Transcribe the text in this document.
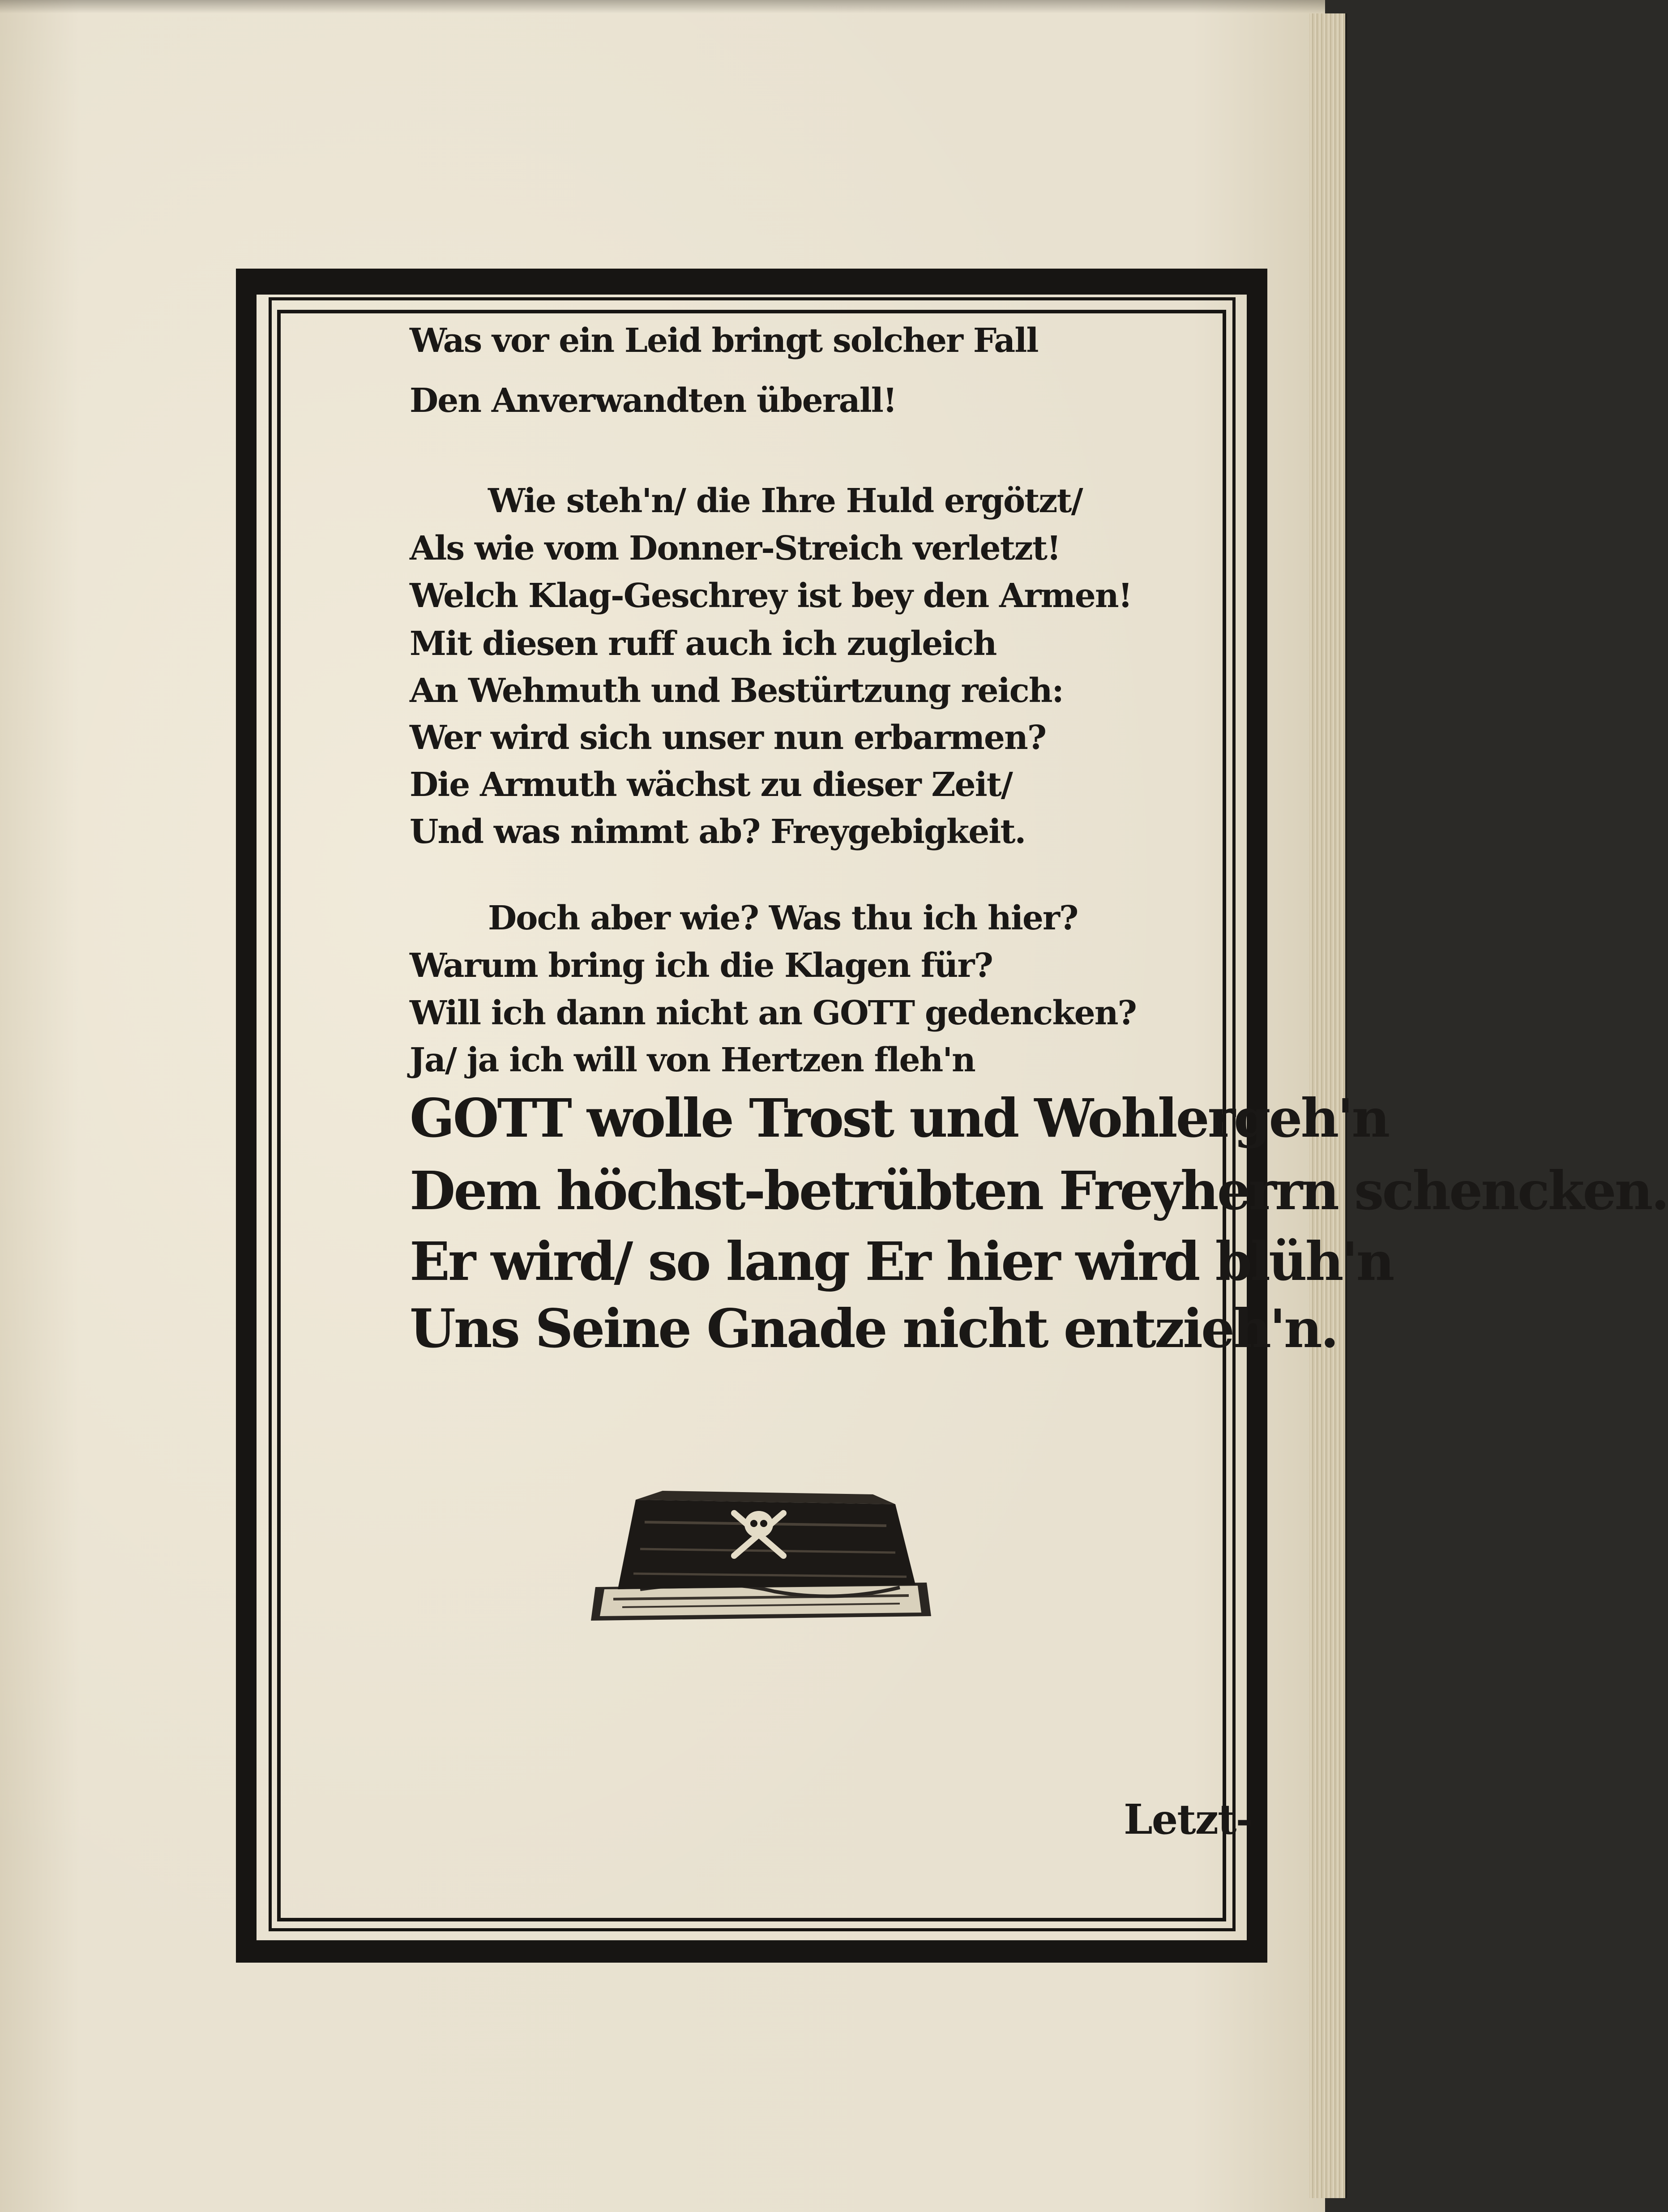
Was vor ein Leid bringt solcher Fall
Den Anverwandten überall!
Wie steh'n/ die Ihre Huld ergötzt/
Als wie vom Donner-Streich verletzt!
Welch Klag-Geschrey ist bey den Armen!
Mit diesen ruff auch ich zugleich
An Wehmuth und Bestürtzung reich:
Wer wird sich unser nun erbarmen?
Die Armuth wächst zu dieser Zeit/
Und was nimmt ab? Freygebigkeit.
Doch aber wie? Was thu ich hier?
Warum bring ich die Klagen für?
Will ich dann nicht an GOTT gedencken?
Ja/ ja ich will von Hertzen fleh'n
GOTT wolle Trost und Wohlergeh'n
Dem höchst-betrübten Freyherrn schencken.
Er wird/ so lang Er hier wird blüh'n
Uns Seine Gnade nicht entzieh'n.
Letzt-
